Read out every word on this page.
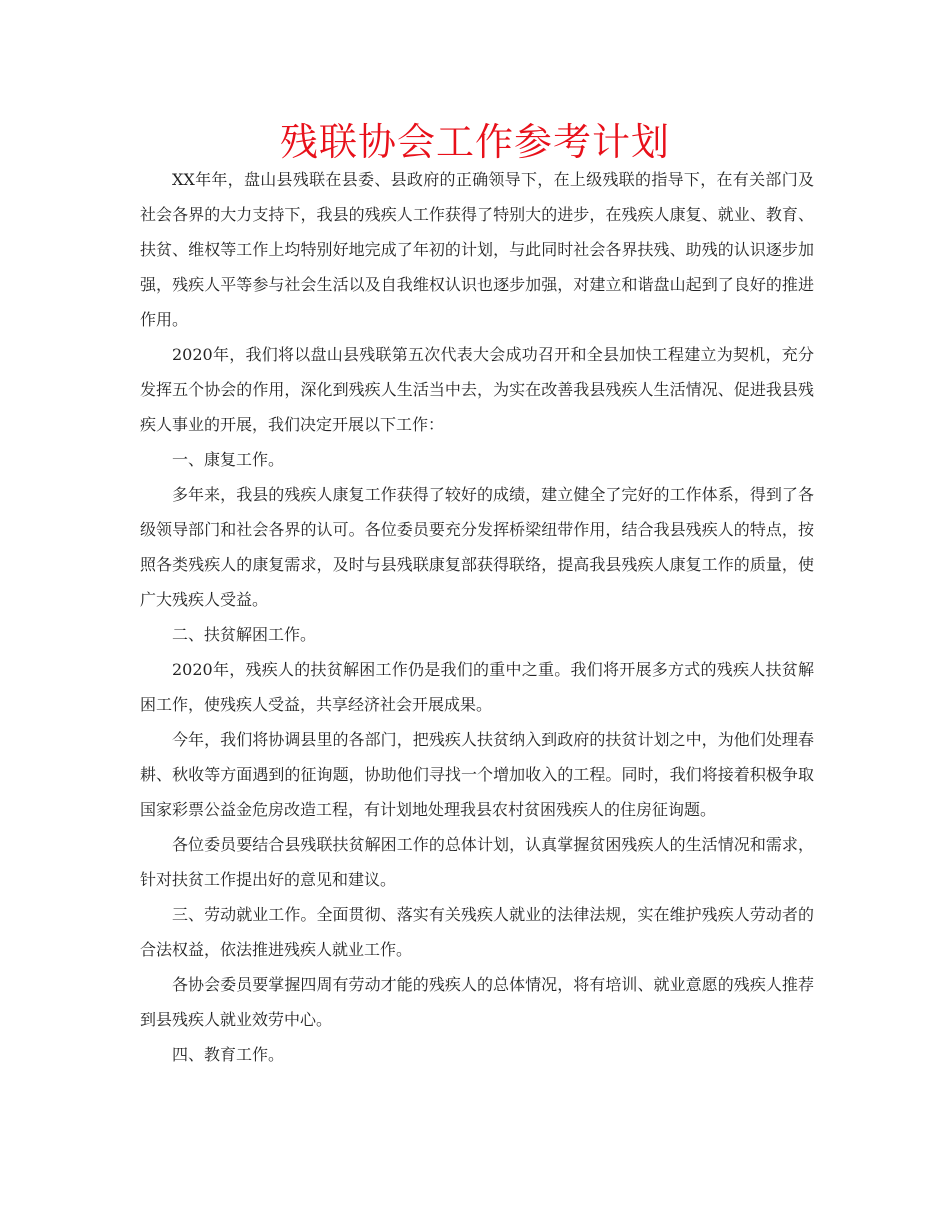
残联协会工作参考计划

XX年年，盘山县残联在县委、县政府的正确领导下，在上级残联的指导下，在有关部门及社会各界的大力支持下，我县的残疾人工作获得了特别大的进步，在残疾人康复、就业、教育、扶贫、维权等工作上均特别好地完成了年初的计划，与此同时社会各界扶残、助残的认识逐步加强，残疾人平等参与社会生活以及自我维权认识也逐步加强，对建立和谐盘山起到了良好的推进作用。

2020年，我们将以盘山县残联第五次代表大会成功召开和全县加快工程建立为契机，充分发挥五个协会的作用，深化到残疾人生活当中去，为实在改善我县残疾人生活情况、促进我县残疾人事业的开展，我们决定开展以下工作：

一、康复工作。

多年来，我县的残疾人康复工作获得了较好的成绩，建立健全了完好的工作体系，得到了各级领导部门和社会各界的认可。各位委员要充分发挥桥梁纽带作用，结合我县残疾人的特点，按照各类残疾人的康复需求，及时与县残联康复部获得联络，提高我县残疾人康复工作的质量，使广大残疾人受益。

二、扶贫解困工作。

2020年，残疾人的扶贫解困工作仍是我们的重中之重。我们将开展多方式的残疾人扶贫解困工作，使残疾人受益，共享经济社会开展成果。

今年，我们将协调县里的各部门，把残疾人扶贫纳入到政府的扶贫计划之中，为他们处理春耕、秋收等方面遇到的征询题，协助他们寻找一个增加收入的工程。同时，我们将接着积极争取国家彩票公益金危房改造工程，有计划地处理我县农村贫困残疾人的住房征询题。

各位委员要结合县残联扶贫解困工作的总体计划，认真掌握贫困残疾人的生活情况和需求，针对扶贫工作提出好的意见和建议。

三、劳动就业工作。全面贯彻、落实有关残疾人就业的法律法规，实在维护残疾人劳动者的合法权益，依法推进残疾人就业工作。

各协会委员要掌握四周有劳动才能的残疾人的总体情况，将有培训、就业意愿的残疾人推荐到县残疾人就业效劳中心。

四、教育工作。
